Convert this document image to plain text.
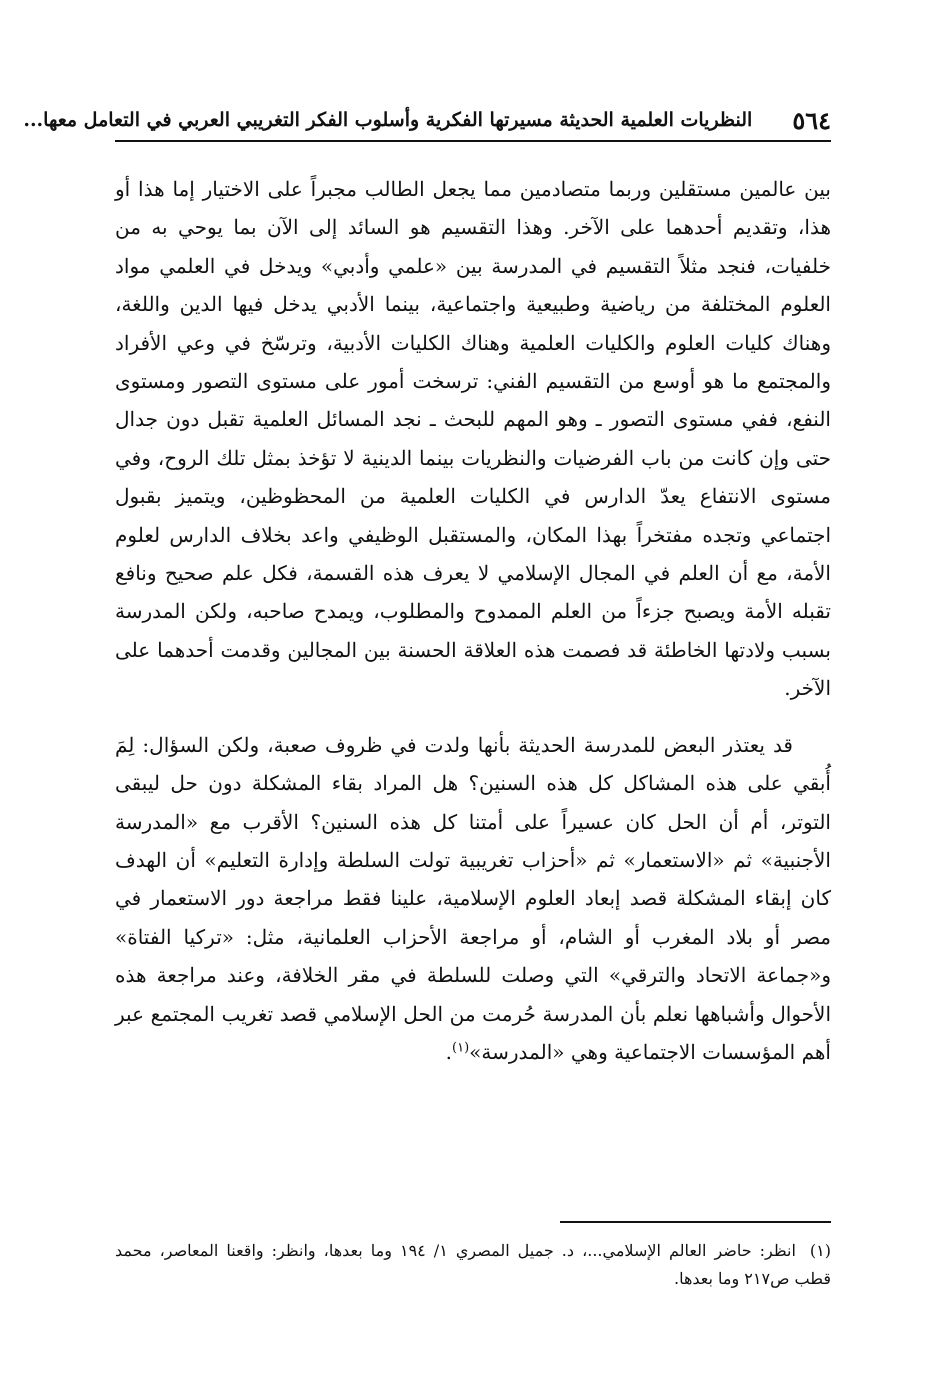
٥٦٤
النظريات العلمية الحديثة مسيرتها الفكرية وأسلوب الفكر التغريبي العربي في التعامل معها...

بين عالمين مستقلين وربما متصادمين مما يجعل الطالب مجبراً على الاختيار إما هذا أو هذا، وتقديم أحدهما على الآخر. وهذا التقسيم هو السائد إلى الآن بما يوحي به من خلفيات، فنجد مثلاً التقسيم في المدرسة بين «علمي وأدبي» ويدخل في العلمي مواد العلوم المختلفة من رياضية وطبيعية واجتماعية، بينما الأدبي يدخل فيها الدين واللغة، وهناك كليات العلوم والكليات العلمية وهناك الكليات الأدبية، وترسّخ في وعي الأفراد والمجتمع ما هو أوسع من التقسيم الفني: ترسخت أمور على مستوى التصور ومستوى النفع، ففي مستوى التصور ـ وهو المهم للبحث ـ نجد المسائل العلمية تقبل دون جدال حتى وإن كانت من باب الفرضيات والنظريات بينما الدينية لا تؤخذ بمثل تلك الروح، وفي مستوى الانتفاع يعدّ الدارس في الكليات العلمية من المحظوظين، ويتميز بقبول اجتماعي وتجده مفتخراً بهذا المكان، والمستقبل الوظيفي واعد بخلاف الدارس لعلوم الأمة، مع أن العلم في المجال الإسلامي لا يعرف هذه القسمة، فكل علم صحيح ونافع تقبله الأمة ويصبح جزءاً من العلم الممدوح والمطلوب، ويمدح صاحبه، ولكن المدرسة بسبب ولادتها الخاطئة قد فصمت هذه العلاقة الحسنة بين المجالين وقدمت أحدهما على الآخر.

قد يعتذر البعض للمدرسة الحديثة بأنها ولدت في ظروف صعبة، ولكن السؤال: لِمَ أُبقي على هذه المشاكل كل هذه السنين؟ هل المراد بقاء المشكلة دون حل ليبقى التوتر، أم أن الحل كان عسيراً على أمتنا كل هذه السنين؟ الأقرب مع «المدرسة الأجنبية» ثم «الاستعمار» ثم «أحزاب تغريبية تولت السلطة وإدارة التعليم» أن الهدف كان إبقاء المشكلة قصد إبعاد العلوم الإسلامية، علينا فقط مراجعة دور الاستعمار في مصر أو بلاد المغرب أو الشام، أو مراجعة الأحزاب العلمانية، مثل: «تركيا الفتاة» و«جماعة الاتحاد والترقي» التي وصلت للسلطة في مقر الخلافة، وعند مراجعة هذه الأحوال وأشباهها نعلم بأن المدرسة حُرمت من الحل الإسلامي قصد تغريب المجتمع عبر أهم المؤسسات الاجتماعية وهي «المدرسة»$^{(١)}$.

(١)انظر: حاضر العالم الإسلامي...، د. جميل المصري ١/ ١٩٤ وما بعدها، وانظر: واقعنا المعاصر، محمد قطب ص٢١٧ وما بعدها.
